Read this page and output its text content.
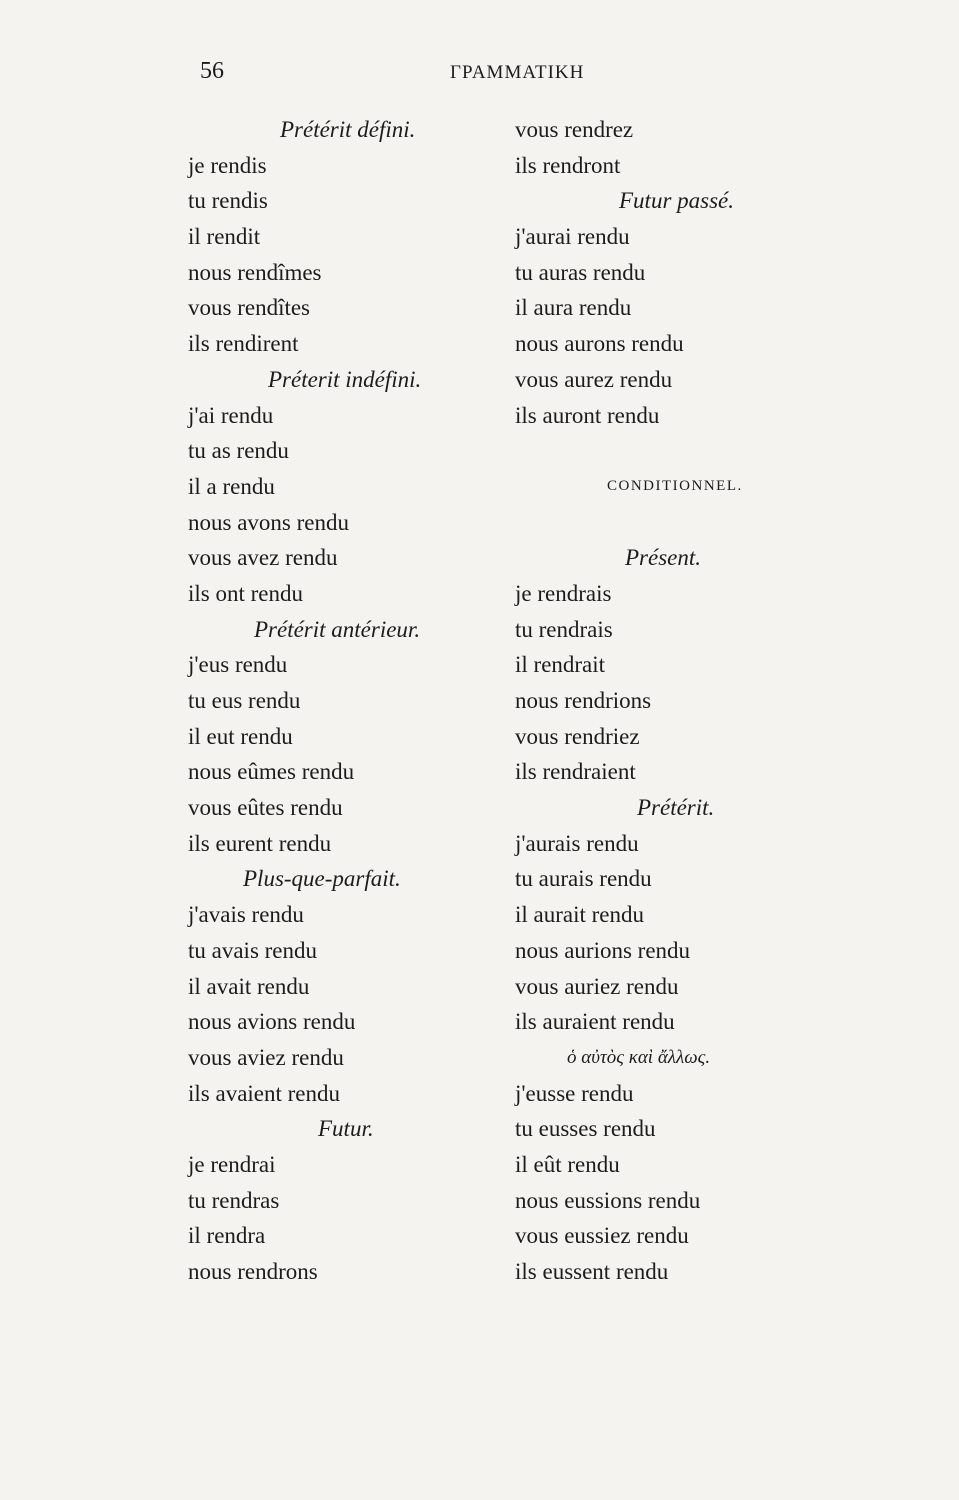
56	ΓΡΑΜΜΑΤΙΚΗ
Prétérit défini.
je rendis
tu rendis
il rendit
nous rendîmes
vous rendîtes
ils rendirent
Préterit indéfini.
j'ai rendu
tu as rendu
il a rendu
nous avons rendu
vous avez rendu
ils ont rendu
Prétérit antérieur.
j'eus rendu
tu eus rendu
il eut rendu
nous eûmes rendu
vous eûtes rendu
ils eurent rendu
Plus-que-parfait.
j'avais rendu
tu avais rendu
il avait rendu
nous avions rendu
vous aviez rendu
ils avaient rendu
Futur.
je rendrai
tu rendras
il rendra
nous rendrons
vous rendrez
ils rendront
Futur passé.
j'aurai rendu
tu auras rendu
il aura rendu
nous aurons rendu
vous aurez rendu
ils auront rendu
CONDITIONNEL.
Présent.
je rendrais
tu rendrais
il rendrait
nous rendrions
vous rendriez
ils rendraient
Prétérit.
j'aurais rendu
tu aurais rendu
il aurait rendu
nous aurions rendu
vous auriez rendu
ils auraient rendu
ὁ αὐτὸς καὶ ἄλλως.
j'eusse rendu
tu eusses rendu
il eût rendu
nous eussions rendu
vous eussiez rendu
ils eussent rendu
